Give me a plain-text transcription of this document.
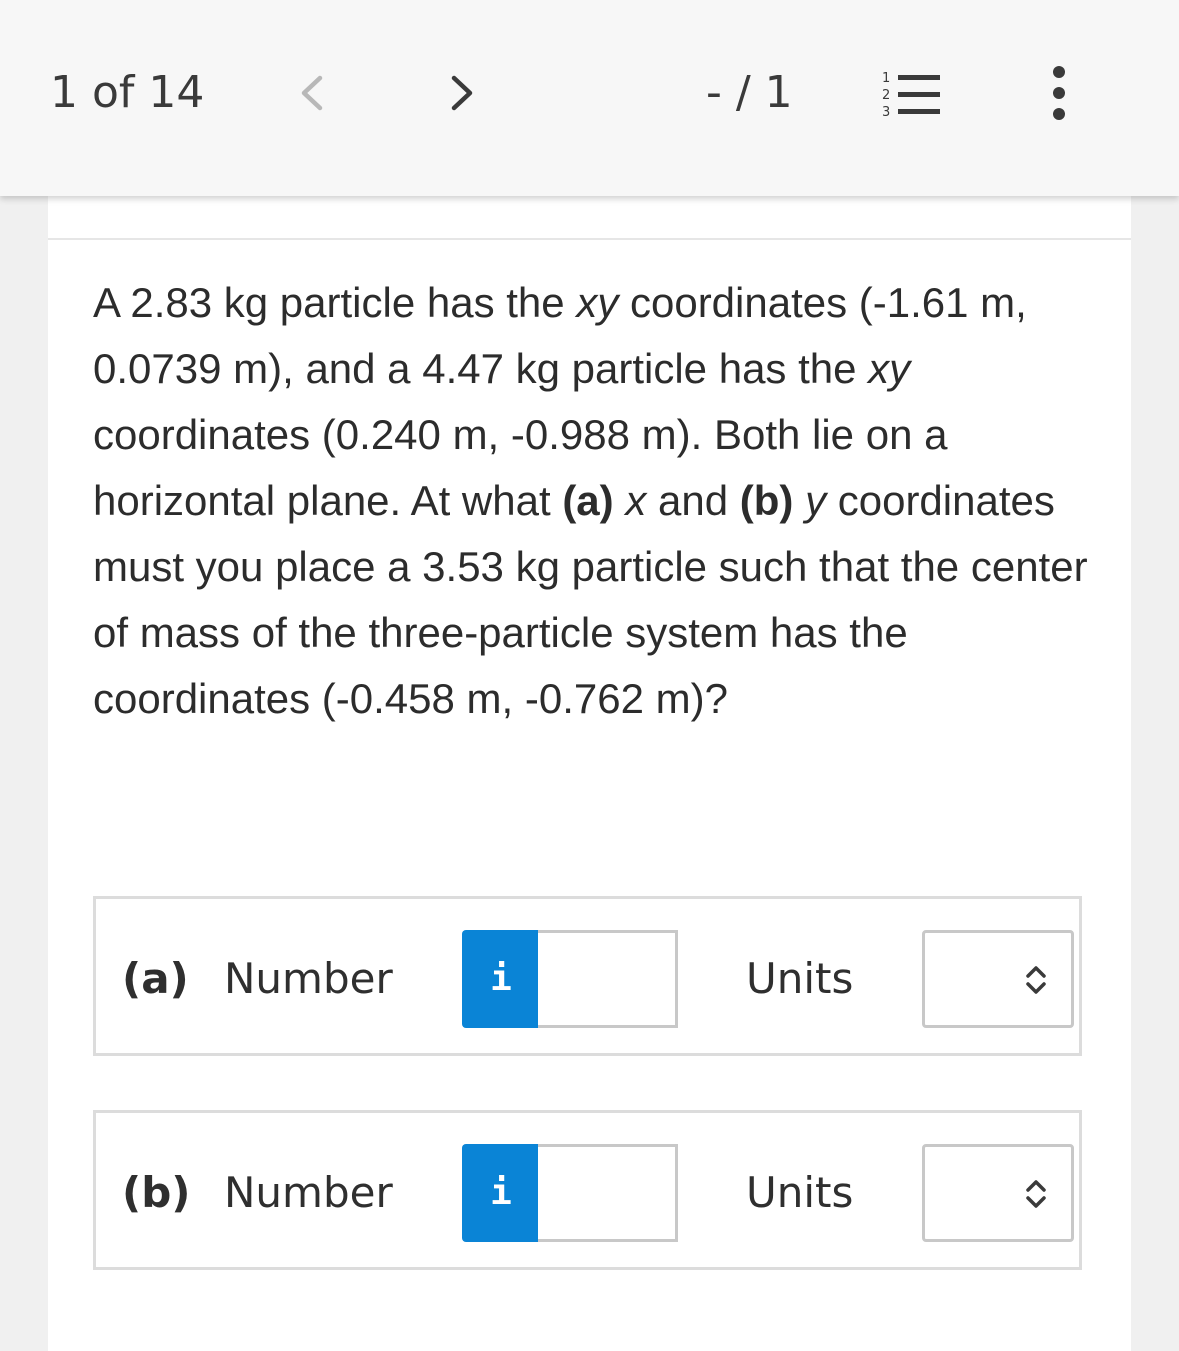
1 of 14	- / 1	1
2
3

A 2.83 kg particle has the xy coordinates (-1.61 m, 0.0739 m), and a 4.47 kg particle has the xy coordinates (0.240 m, -0.988 m). Both lie on a horizontal plane. At what (a) x and (b) y coordinates must you place a 3.53 kg particle such that the center of mass of the three-particle system has the coordinates (-0.458 m, -0.762 m)?

(a) Number	i	Units
(b) Number	i	Units
